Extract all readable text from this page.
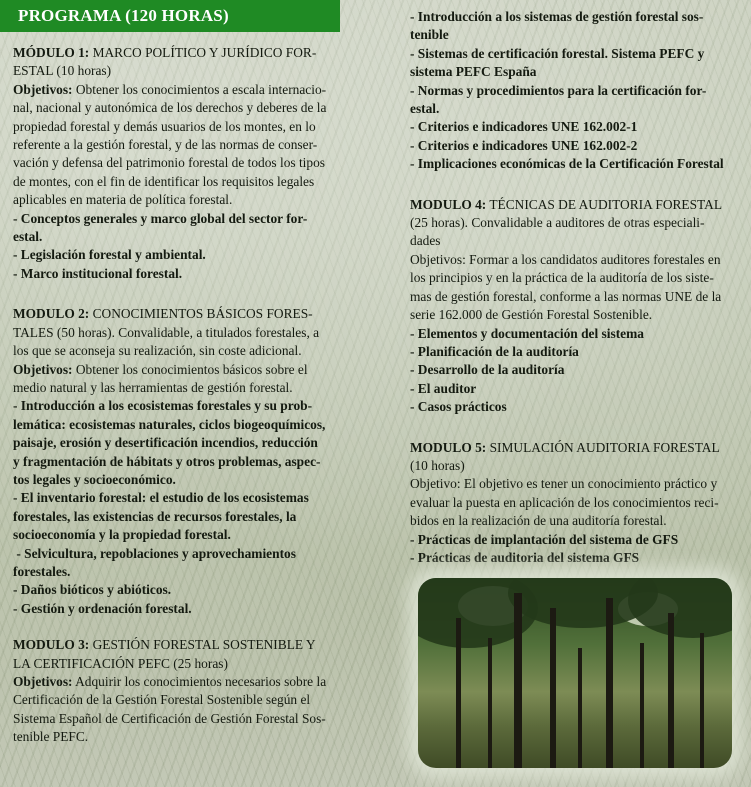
PROGRAMA (120 HORAS)

MÓDULO 1: MARCO POLÍTICO Y JURÍDICO FOR-

ESTAL (10 horas)

Objetivos: Obtener los conocimientos a escala internacio-

nal, nacional y autonómica de los derechos y deberes de la

propiedad forestal y demás usuarios de los montes, en lo

referente a la gestión forestal, y de las normas de conser-

vación y defensa del patrimonio forestal de todos los tipos

de montes, con el fin de identificar los requisitos legales

aplicables en materia de política forestal.

- Conceptos generales y marco global del sector for-

estal.

- Legislación forestal y ambiental.

- Marco institucional forestal.

MODULO 2: CONOCIMIENTOS BÁSICOS FORES-

TALES (50 horas). Convalidable, a titulados forestales, a

los que se aconseja su realización, sin coste adicional.

Objetivos: Obtener los conocimientos básicos sobre el

medio natural y las herramientas de gestión forestal.

- Introducción a los ecosistemas forestales y su prob-

lemática: ecosistemas naturales, ciclos biogeoquímicos,

paisaje, erosión y desertificación incendios, reducción

y fragmentación de hábitats y otros problemas, aspec-

tos legales y socioeconómico.

- El inventario forestal: el estudio de los ecosistemas

forestales, las existencias de recursos forestales, la

socioeconomía y la propiedad forestal.

- Selvicultura, repoblaciones y aprovechamientos

forestales.

- Daños bióticos y abióticos.

- Gestión y ordenación forestal.

MODULO 3: GESTIÓN FORESTAL SOSTENIBLE Y

LA CERTIFICACIÓN PEFC (25 horas)

Objetivos: Adquirir los conocimientos necesarios sobre la

Certificación de la Gestión Forestal Sostenible según el

Sistema Español de Certificación de Gestión Forestal Sos-

tenible PEFC.

- Introducción a los sistemas de gestión forestal sos-

tenible

- Sistemas de certificación forestal. Sistema PEFC y

sistema PEFC España

- Normas y procedimientos para la certificación for-

estal.

- Criterios e indicadores UNE 162.002-1

- Criterios e indicadores UNE 162.002-2

- Implicaciones económicas de la Certificación Forestal

MODULO 4: TÉCNICAS DE AUDITORIA FORESTAL

(25 horas). Convalidable a auditores de otras especiali-

dades

Objetivos: Formar a los candidatos auditores forestales en

los principios y en la práctica de la auditoría de los siste-

mas de gestión forestal, conforme a las normas UNE de la

serie 162.000 de Gestión Forestal Sostenible.

- Elementos y documentación del sistema

- Planificación de la auditoría

- Desarrollo de la auditoría

- El auditor

- Casos prácticos

MODULO 5: SIMULACIÓN AUDITORIA FORESTAL

(10 horas)

Objetivo: El objetivo es tener un conocimiento práctico y

evaluar la puesta en aplicación de los conocimientos reci-

bidos en la realización de una auditoría forestal.

- Prácticas de implantación del sistema de GFS

- Prácticas de auditoria del sistema GFS
